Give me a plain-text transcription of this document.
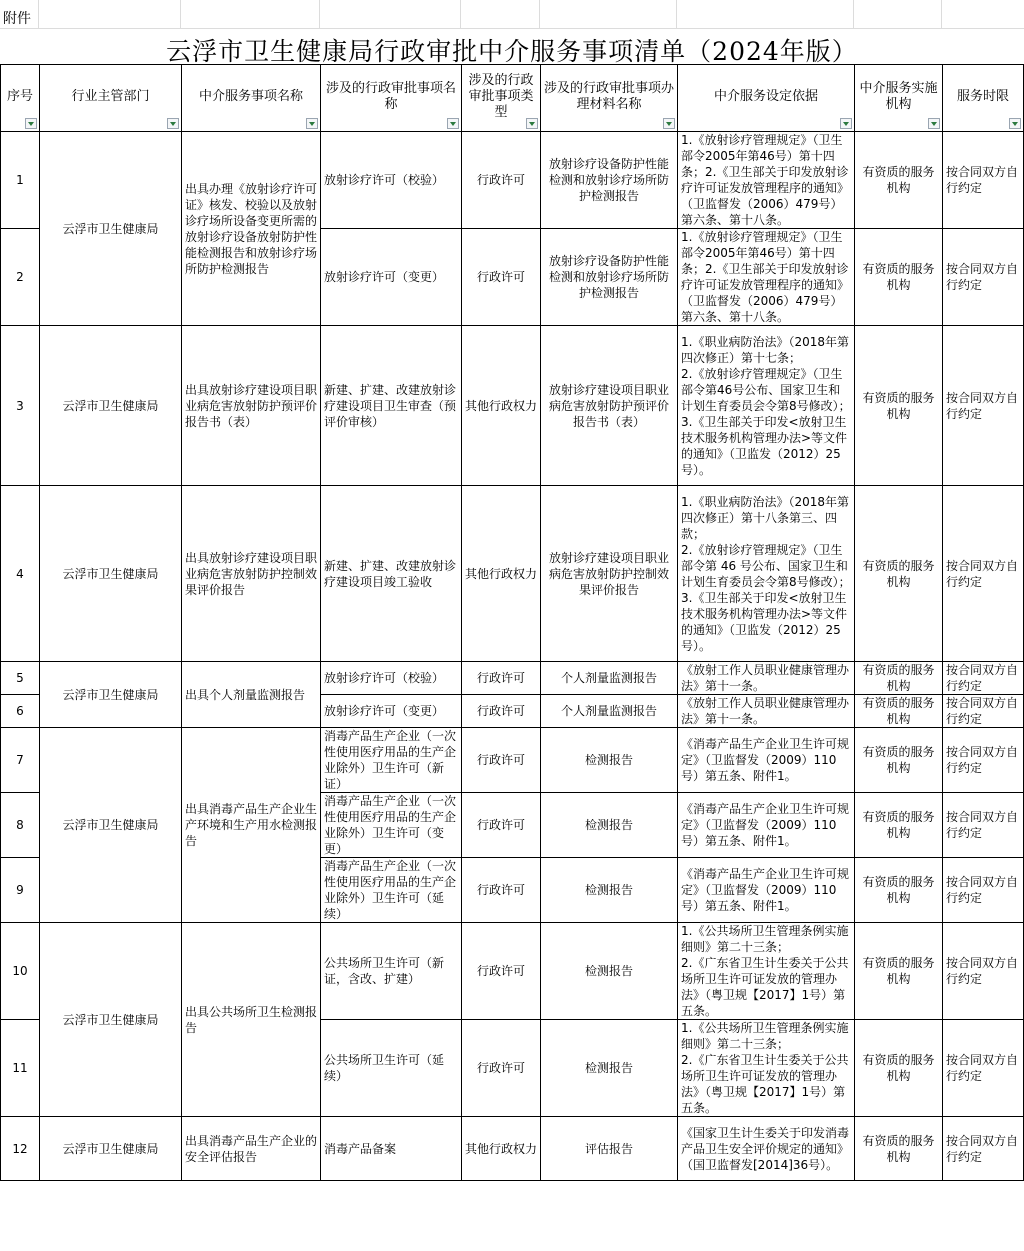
附件
云浮市卫生健康局行政审批中介服务事项清单（2024年版）
序号	行业主管部门	中介服务事项名称	涉及的行政审批事项名称	涉及的行政审批事项类型	涉及的行政审批事项办理材料名称	中介服务设定依据	中介服务实施机构	服务时限

1	云浮市卫生健康局	出具办理《放射诊疗许可证》核发、校验以及放射诊疗场所设备变更所需的放射诊疗设备放射防护性能检测报告和放射诊疗场所防护检测报告	放射诊疗许可（校验）	行政许可	放射诊疗设备防护性能检测和放射诊疗场所防护检测报告	1.《放射诊疗管理规定》（卫生部令2005年第46号）第十四条；2.《卫生部关于印发放射诊疗许可证发放管理程序的通知》（卫监督发（2006）479号）第六条、第十八条。	有资质的服务机构	按合同双方自行约定
2			放射诊疗许可（变更）	行政许可	放射诊疗设备防护性能检测和放射诊疗场所防护检测报告	1.《放射诊疗管理规定》（卫生部令2005年第46号）第十四条；2.《卫生部关于印发放射诊疗许可证发放管理程序的通知》（卫监督发（2006）479号）第六条、第十八条。	有资质的服务机构	按合同双方自行约定
3	云浮市卫生健康局	出具放射诊疗建设项目职业病危害放射防护预评价报告书（表）	新建、扩建、改建放射诊疗建设项目卫生审查（预评价审核）	其他行政权力	放射诊疗建设项目职业病危害放射防护预评价报告书（表）	1.《职业病防治法》（2018年第四次修正）第十七条；
2.《放射诊疗管理规定》（卫生部令第46号公布、国家卫生和计划生育委员会令第8号修改）；
3.《卫生部关于印发<放射卫生技术服务机构管理办法>等文件的通知》（卫监发（2012）25号）。	有资质的服务机构	按合同双方自行约定
4	云浮市卫生健康局	出具放射诊疗建设项目职业病危害放射防护控制效果评价报告	新建、扩建、改建放射诊疗建设项目竣工验收	其他行政权力	放射诊疗建设项目职业病危害放射防护控制效果评价报告	1.《职业病防治法》（2018年第四次修正）第十八条第三、四款；
2.《放射诊疗管理规定》（卫生部令第 46 号公布、国家卫生和计划生育委员会令第8号修改）；
3.《卫生部关于印发<放射卫生技术服务机构管理办法>等文件的通知》（卫监发（2012）25号）。	有资质的服务机构	按合同双方自行约定
5	云浮市卫生健康局	出具个人剂量监测报告	放射诊疗许可（校验）	行政许可	个人剂量监测报告	《放射工作人员职业健康管理办法》第十一条。	有资质的服务机构	按合同双方自行约定
6			放射诊疗许可（变更）	行政许可	个人剂量监测报告	《放射工作人员职业健康管理办法》第十一条。	有资质的服务机构	按合同双方自行约定
7	云浮市卫生健康局	出具消毒产品生产企业生产环境和生产用水检测报告	消毒产品生产企业（一次性使用医疗用品的生产企业除外）卫生许可（新证）	行政许可	检测报告	《消毒产品生产企业卫生许可规定》（卫监督发（2009）110号）第五条、附件1。	有资质的服务机构	按合同双方自行约定
8			消毒产品生产企业（一次性使用医疗用品的生产企业除外）卫生许可（变更）	行政许可	检测报告	《消毒产品生产企业卫生许可规定》（卫监督发（2009）110号）第五条、附件1。	有资质的服务机构	按合同双方自行约定
9			消毒产品生产企业（一次性使用医疗用品的生产企业除外）卫生许可（延续）	行政许可	检测报告	《消毒产品生产企业卫生许可规定》（卫监督发（2009）110号）第五条、附件1。	有资质的服务机构	按合同双方自行约定
10	云浮市卫生健康局	出具公共场所卫生检测报告	公共场所卫生许可（新证，含改、扩建）	行政许可	检测报告	1.《公共场所卫生管理条例实施细则》第二十三条；
2.《广东省卫生计生委关于公共场所卫生许可证发放的管理办法》（粤卫规【2017】1号）第五条。	有资质的服务机构	按合同双方自行约定
11			公共场所卫生许可（延续）	行政许可	检测报告	1.《公共场所卫生管理条例实施细则》第二十三条；
2.《广东省卫生计生委关于公共场所卫生许可证发放的管理办法》（粤卫规【2017】1号）第五条。	有资质的服务机构	按合同双方自行约定
12	云浮市卫生健康局	出具消毒产品生产企业的安全评估报告	消毒产品备案	其他行政权力	评估报告	《国家卫生计生委关于印发消毒产品卫生安全评价规定的通知》（国卫监督发[2014]36号）。	有资质的服务机构	按合同双方自行约定
